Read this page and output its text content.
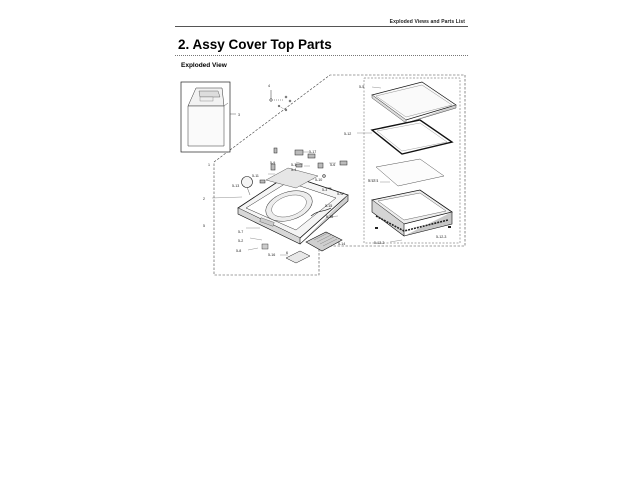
Exploded Views and Parts List
2. Assy Cover Top Parts
Exploded View
1
2
3
4
5
6
5-1
5-2
5-3
5-4
5-5
5-6
5-7
5-8
5-9
5-10
5-11
5-12
5-13
5-14
5-15
5-16
5-17
5-18
5-W
5-12-1
5-12-2
5-12-3
